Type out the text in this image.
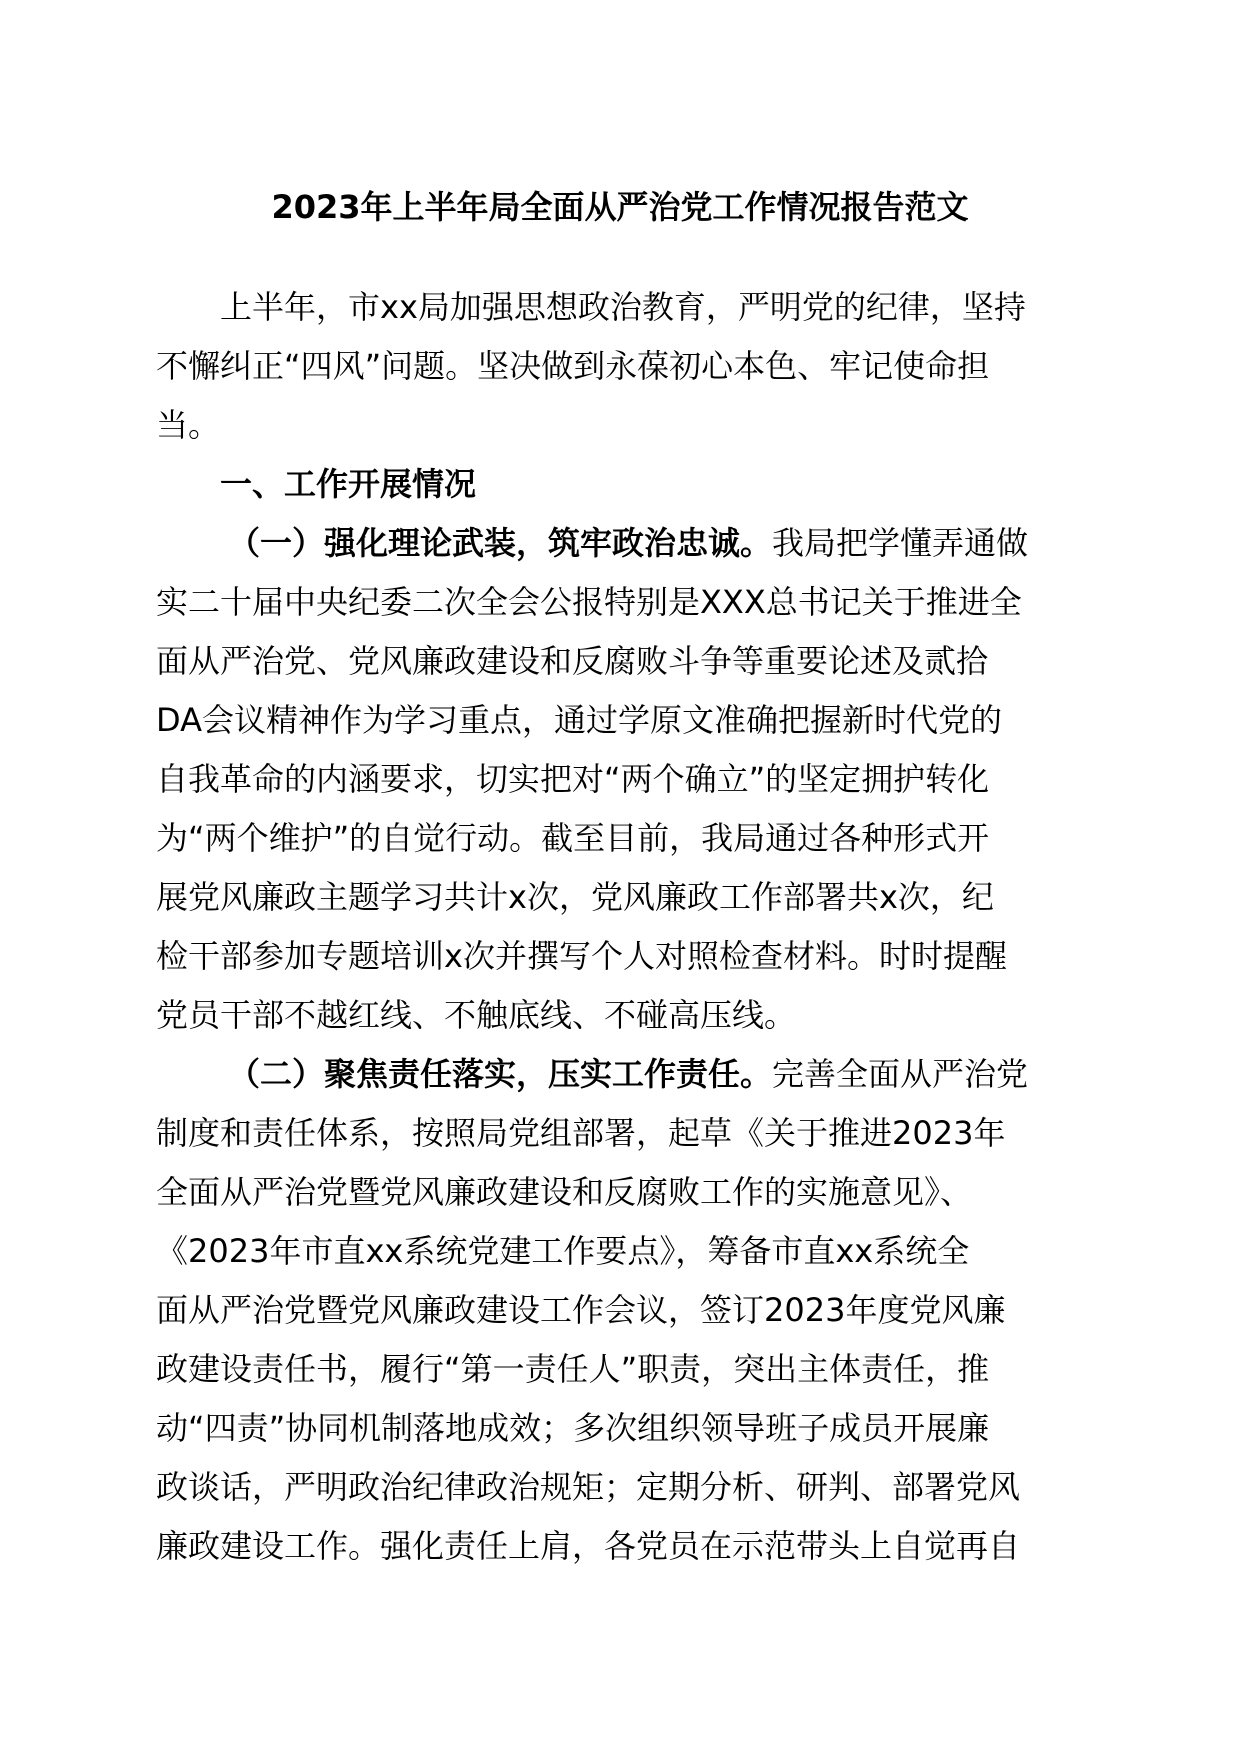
2023年上半年局全面从严治党工作情况报告范文
上半年，市xx局加强思想政治教育，严明党的纪律，坚持
不懈纠正“四风”问题。坚决做到永葆初心本色、牢记使命担
当。
一、工作开展情况
（一）强化理论武装，筑牢政治忠诚。我局把学懂弄通做
实二十届中央纪委二次全会公报特别是XXX总书记关于推进全
面从严治党、党风廉政建设和反腐败斗争等重要论述及贰拾
DA会议精神作为学习重点，通过学原文准确把握新时代党的
自我革命的内涵要求，切实把对“两个确立”的坚定拥护转化
为“两个维护”的自觉行动。截至目前，我局通过各种形式开
展党风廉政主题学习共计x次，党风廉政工作部署共x次，纪
检干部参加专题培训x次并撰写个人对照检查材料。时时提醒
党员干部不越红线、不触底线、不碰高压线。
（二）聚焦责任落实，压实工作责任。完善全面从严治党
制度和责任体系，按照局党组部署，起草《关于推进2023年
全面从严治党暨党风廉政建设和反腐败工作的实施意见》、
《2023年市直xx系统党建工作要点》，筹备市直xx系统全
面从严治党暨党风廉政建设工作会议，签订2023年度党风廉
政建设责任书，履行“第一责任人”职责，突出主体责任，推
动“四责”协同机制落地成效；多次组织领导班子成员开展廉
政谈话，严明政治纪律政治规矩；定期分析、研判、部署党风
廉政建设工作。强化责任上肩，各党员在示范带头上自觉再自
